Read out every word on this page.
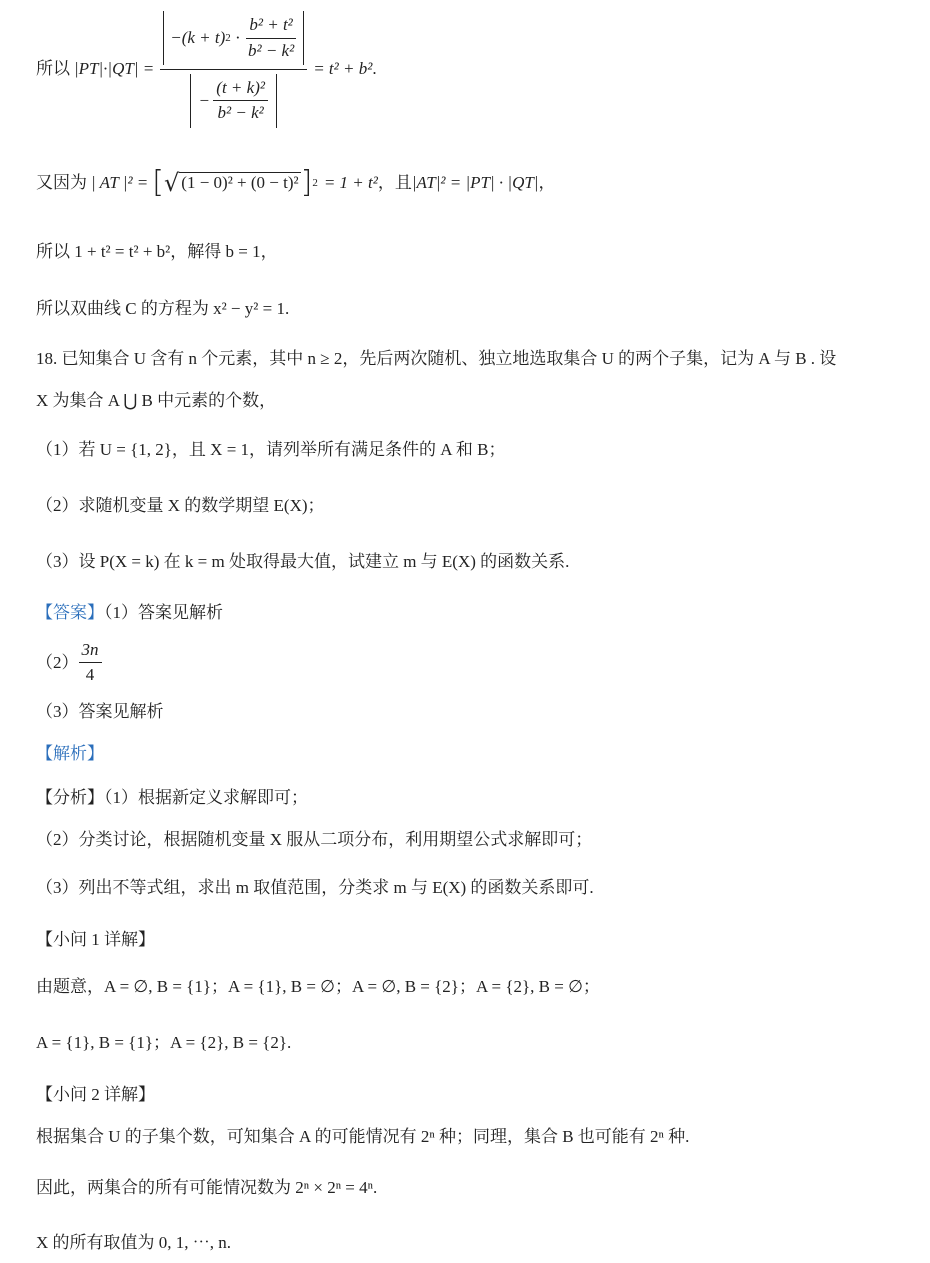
所以 $|PT|\cdot|QT| = \frac{-(k + t) 2 \cdot \frac{\text{b² + t²}}{\text{b² − k²}}}{- \frac{\text{(t + k)²}}{\text{b² − k²}}} = t^2 + b^2$ .
又因为 | AT |² = [ √ (1 − 0)² + (0 − t)² ] 2 = 1 + t² ，且 |AT|² = |PT| · |QT| ，
所以 1 + t² = t² + b²，解得 b = 1，
所以双曲线 C 的方程为 x² − y² = 1.
18. 已知集合 U 含有 n 个元素，其中 n ≥ 2，先后两次随机、独立地选取集合 U 的两个子集，记为 A 与 B . 设
X 为集合 A ⋃ B 中元素的个数，
（1）若 U = {1, 2}，且 X = 1，请列举所有满足条件的 A 和 B；
（2）求随机变量 X 的数学期望 E(X)；
（3）设 P(X = k) 在 k = m 处取得最大值，试建立 m 与 E(X) 的函数关系.
【答案】（1）答案见解析
$(2) \frac{3n}{4}$
（3）答案见解析
【解析】
【分析】（1）根据新定义求解即可；
（2）分类讨论，根据随机变量 X 服从二项分布，利用期望公式求解即可；
（3）列出不等式组，求出 m 取值范围，分类求 m 与 E(X) 的函数关系即可.
【小问 1 详解】
由题意，A = ∅, B = {1}；A = {1}, B = ∅；A = ∅, B = {2}；A = {2}, B = ∅；
A = {1}, B = {1}；A = {2}, B = {2}.
【小问 2 详解】
根据集合 U 的子集个数，可知集合 A 的可能情况有 2ⁿ 种；同理，集合 B 也可能有 2ⁿ 种.
因此，两集合的所有可能情况数为 2ⁿ × 2ⁿ = 4ⁿ.
X 的所有取值为 0, 1, ⋯, n.
